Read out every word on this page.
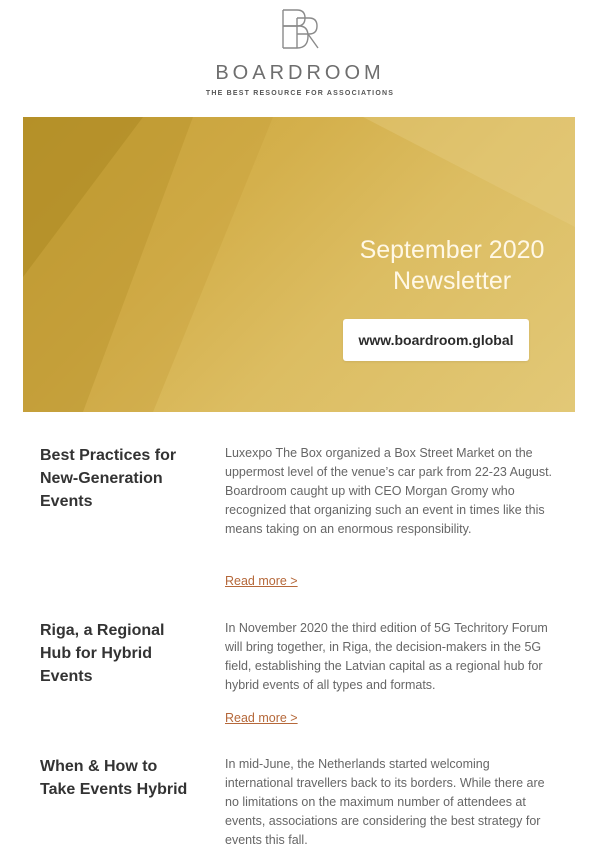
BOARDROOM
THE BEST RESOURCE FOR ASSOCIATIONS
September 2020
Newsletter
www.boardroom.global
Best Practices for
New-Generation
Events
Luxexpo The Box organized a Box Street Market on the uppermost level of the venue’s car park from 22-23 August. Boardroom caught up with CEO Morgan Gromy who recognized that organizing such an event in times like this means taking on an enormous responsibility.
Read more >
Riga, a Regional
Hub for Hybrid
Events
In November 2020 the third edition of 5G Techritory Forum will bring together, in Riga, the decision-makers in the 5G field, establishing the Latvian capital as a regional hub for hybrid events of all types and formats.
Read more >
When & How to
Take Events Hybrid
In mid-June, the Netherlands started welcoming international travellers back to its borders. While there are no limitations on the maximum number of attendees at events, associations are considering the best strategy for events this fall.
